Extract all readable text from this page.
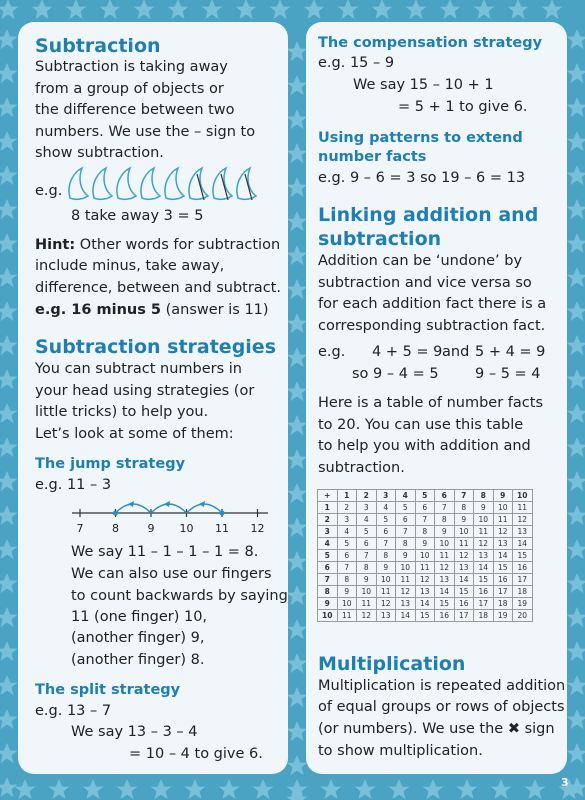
Subtraction
Subtraction is taking away
from a group of objects or
the difference between two
numbers. We use the – sign to
show subtraction.
e.g.
8 take away 3 = 5
Hint: Other words for subtraction
include minus, take away,
difference, between and subtract.
e.g. 16 minus 5 (answer is 11)
Subtraction strategies
You can subtract numbers in
your head using strategies (or
little tricks) to help you.
Let’s look at some of them:
The jump strategy
e.g. 11 – 3
7	8	9 10 11 12
We say 11 – 1 – 1 – 1 = 8.
We can also use our fingers
to count backwards by saying
11 (one finger) 10,
(another finger) 9,
(another finger) 8.
The split strategy
e.g. 13 – 7
We say 13 – 3 – 4
= 10 – 4 to give 6.
The compensation strategy
e.g. 15 – 9
We say 15 – 10 + 1
= 5 + 1 to give 6.
Using patterns to extend
number facts
e.g. 9 – 6 = 3 so 19 – 6 = 13
Linking addition and
subtraction
Addition can be ‘undone’ by
subtraction and vice versa so
for each addition fact there is a
corresponding subtraction fact.
e.g. 4 + 5 = 9 and 5 + 4 = 9
so 9 – 4 = 5	9 – 5 = 4
Here is a table of number facts
to 20. You can use this table
to help you with addition and
subtraction.
+	1	2	3	4	5	6	7	8	9	10
1	2	3	4	5	6	7	8	9	10	11
2	3	4	5	6	7	8	9	10	11	12
3	4	5	6	7	8	9	10	11	12	13
4	5	6	7	8	9	10	11	12	13	14
5	6	7	8	9	10	11	12	13	14	15
6	7	8	9	10	11	12	13	14	15	16
7	8	9	10	11	12	13	14	15	16	17
8	9	10	11	12	13	14	15	16	17	18
9	10	11	12	13	14	15	16	17	18	19
10	11	12	13	14	15	16	17	18	19	20
Multiplication
Multiplication is repeated addition
of equal groups or rows of objects
(or numbers). We use the ✖ sign
to show multiplication.
3
